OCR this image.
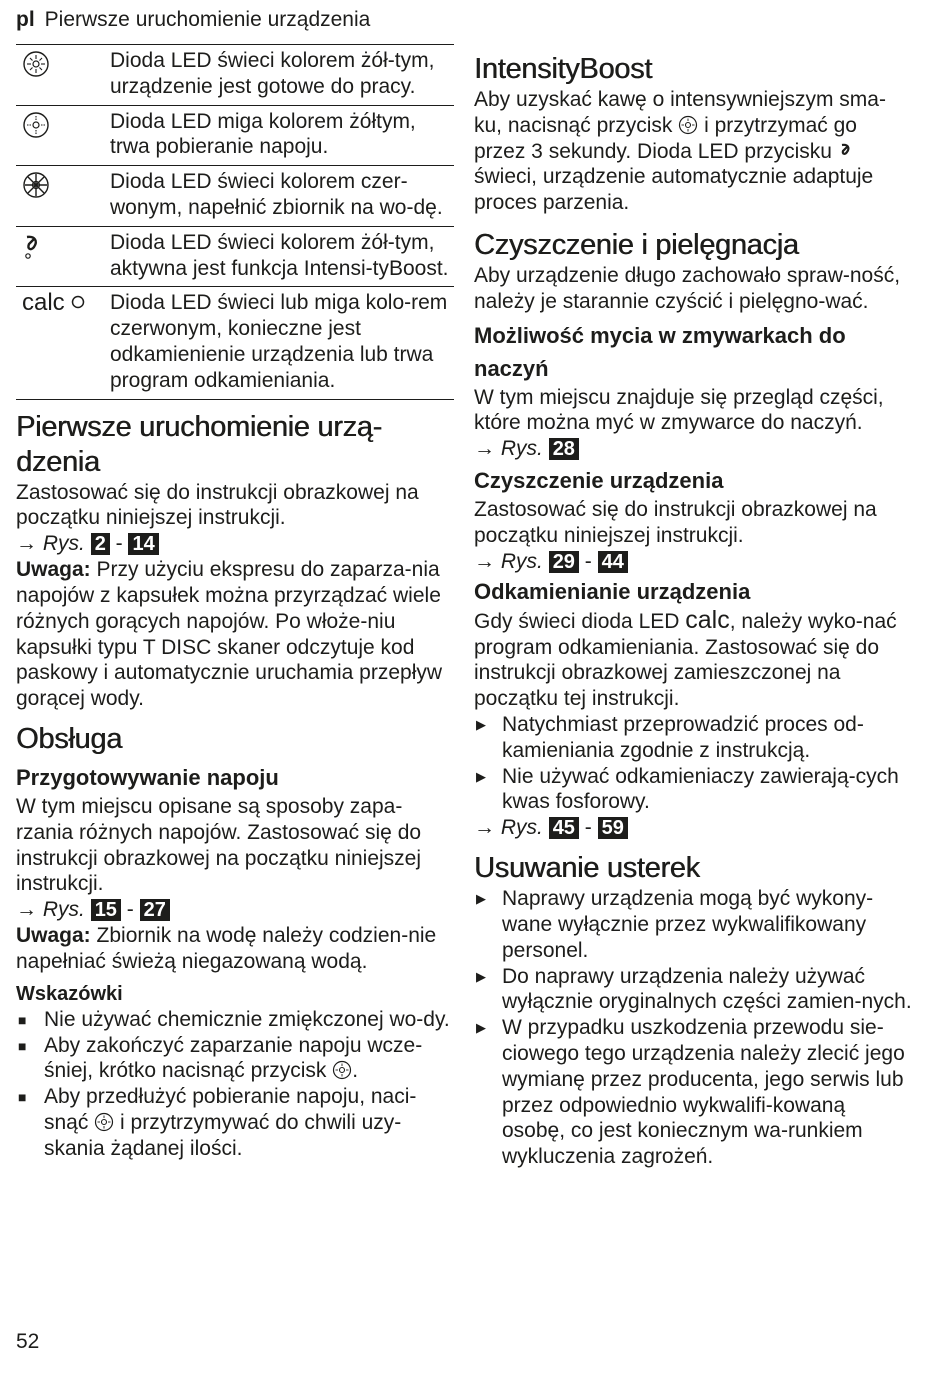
pl Pierwsze uruchomienie urządzenia
	Dioda LED świeci kolorem żół-tym, urządzenie jest gotowe do pracy.
	Dioda LED miga kolorem żółtym, trwa pobieranie napoju.
	Dioda LED świeci kolorem czer-wonym, napełnić zbiornik na wo-dę.
	Dioda LED świeci kolorem żół-tym, aktywna jest funkcja Intensi-tyBoost.
calc	Dioda LED świeci lub miga kolo-rem czerwonym, konieczne jest odkamienienie urządzenia lub trwa program odkamieniania.
Pierwsze uruchomienie urzą-
dzenia

Zastosować się do instrukcji obrazkowej na początku niniejszej instrukcji.

→ Rys. 2 - 14

Uwaga: Przy użyciu ekspresu do zaparza-nia napojów z kapsułek można przyrządzać wiele różnych gorących napojów. Po włoże-niu kapsułki typu T DISC skaner odczytuje kod paskowy i automatycznie uruchamia przepływ gorącej wody.

Obsługa
Przygotowywanie napoju

W tym miejscu opisane są sposoby zapa-rzania różnych napojów. Zastosować się do instrukcji obrazkowej na początku niniejszej instrukcji.

→ Rys. 15 - 27

Uwaga: Zbiornik na wodę należy codzien-nie napełniać świeżą niegazowaną wodą.

Wskazówki
■ Nie używać chemicznie zmiękczonej wo-dy.
■ Aby zakończyć zaparzanie napoju wcze-śniej, krótko nacisnąć przycisk .
■ Aby przedłużyć pobieranie napoju, naci-snąć  i przytrzymywać do chwili uzy-skania żądanej ilości.
IntensityBoost

Aby uzyskać kawę o intensywniejszym sma-ku, nacisnąć przycisk  i przytrzymać go przez 3 sekundy. Dioda LED przycisku  świeci, urządzenie automatycznie adaptuje proces parzenia.

Czyszczenie i pielęgnacja

Aby urządzenie długo zachowało spraw-ność, należy je starannie czyścić i pielęgno-wać.

Możliwość mycia w zmywarkach do
naczyń

W tym miejscu znajduje się przegląd części, które można myć w zmywarce do naczyń.

→ Rys. 28

Czyszczenie urządzenia

Zastosować się do instrukcji obrazkowej na początku niniejszej instrukcji.

→ Rys. 29 - 44

Odkamienianie urządzenia

Gdy świeci dioda LED calc, należy wyko-nać program odkamieniania. Zastosować się do instrukcji obrazkowej zamieszczonej na początku tej instrukcji.

▶ Natychmiast przeprowadzić proces od-kamieniania zgodnie z instrukcją.
▶ Nie używać odkamieniaczy zawierają-cych kwas fosforowy.

→ Rys. 45 - 59

Usuwanie usterek
▶ Naprawy urządzenia mogą być wykony-wane wyłącznie przez wykwalifikowany personel.
▶ Do naprawy urządzenia należy używać wyłącznie oryginalnych części zamien-nych.
▶ W przypadku uszkodzenia przewodu sie-ciowego tego urządzenia należy zlecić jego wymianę przez producenta, jego serwis lub przez odpowiednio wykwalifi-kowaną osobę, co jest koniecznym wa-runkiem wykluczenia zagrożeń.
52
